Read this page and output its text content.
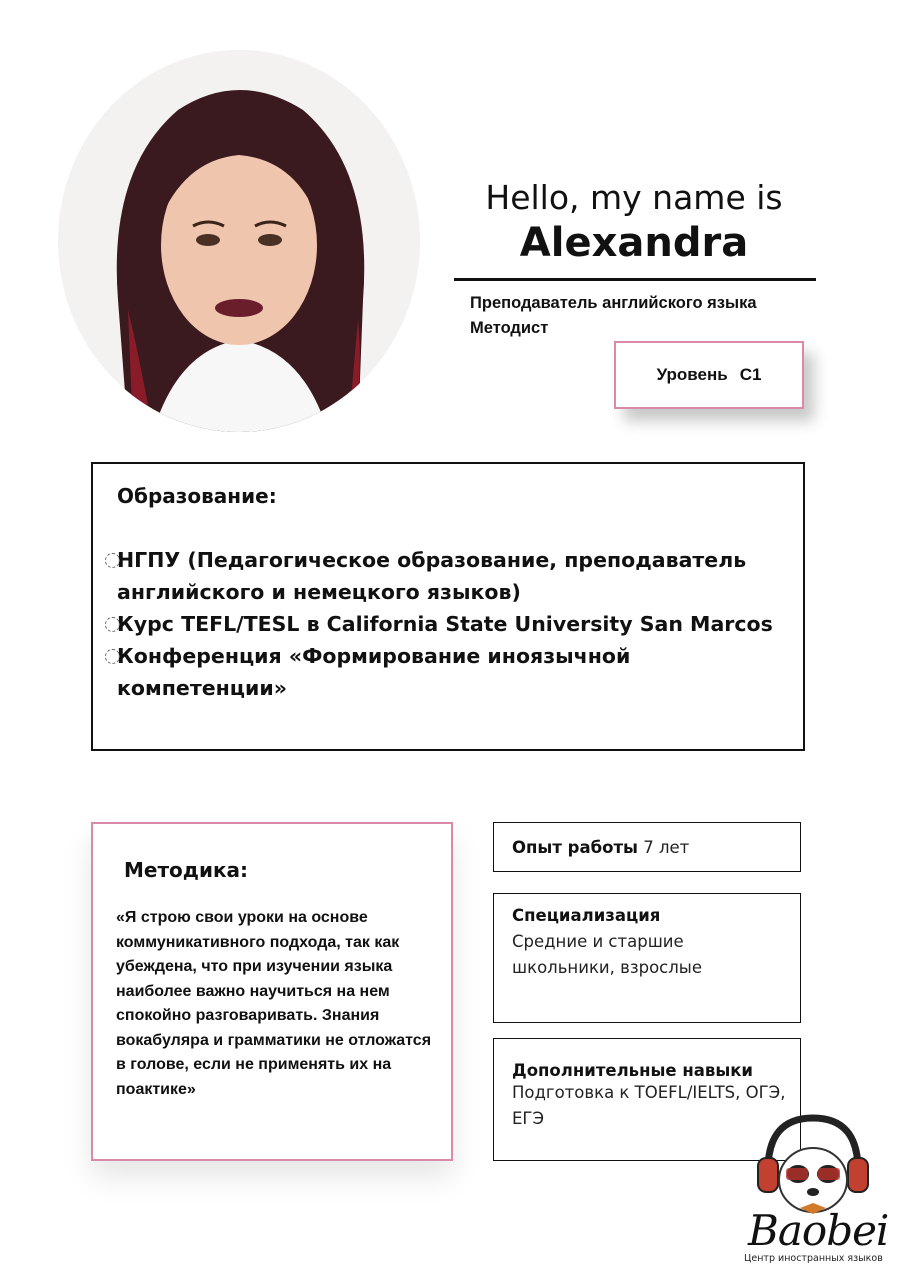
Hello, my name is
Alexandra
Преподаватель английского языка
Методист
Уровень C1
Образование:
НГПУ (Педагогическое образование, преподаватель английского и немецкого языков)
Курс TEFL/TESL в California State University San Marcos
Конференция «Формирование иноязычной компетенции»
Методика:
«Я строю свои уроки на основе коммуникативного подхода, так как убеждена, что при изучении языка наиболее важно научиться на нем спокойно разговаривать. Знания вокабуляра и грамматики не отложатся в голове, если не применять их на поактике»
Опыт работы 7 лет
Специализация
Средние и старшие школьники, взрослые
Дополнительные навыки
Подготовка к TOEFL/IELTS, ОГЭ, ЕГЭ
Baobei
Центр иностранных языков
